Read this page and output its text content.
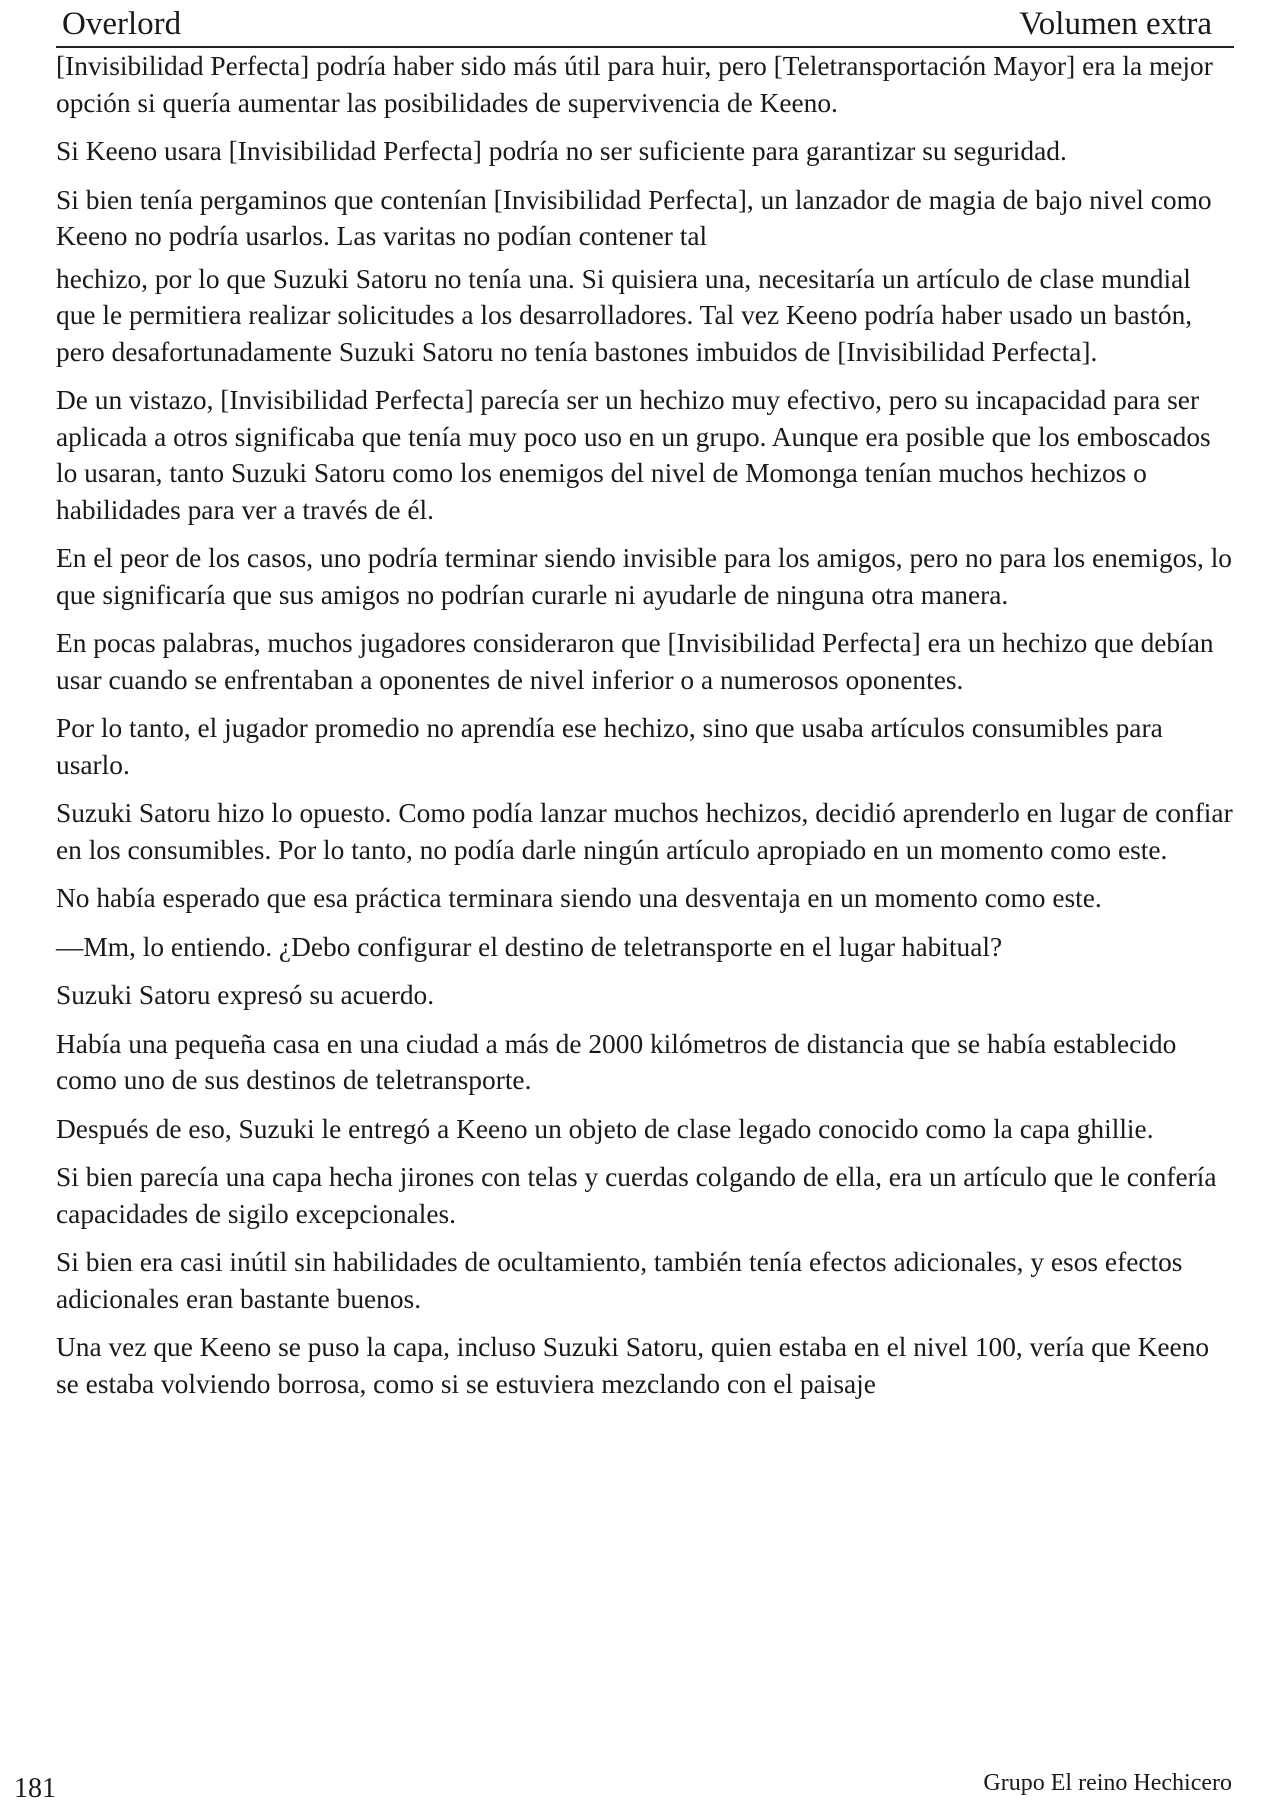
Overlord	Volumen extra

[Invisibilidad Perfecta] podría haber sido más útil para huir, pero [Teletransportación Mayor] era la mejor opción si quería aumentar las posibilidades de supervivencia de Keeno.

Si Keeno usara [Invisibilidad Perfecta] podría no ser suficiente para garantizar su seguridad.

Si bien tenía pergaminos que contenían [Invisibilidad Perfecta], un lanzador de magia de bajo nivel como Keeno no podría usarlos. Las varitas no podían contener tal

hechizo, por lo que Suzuki Satoru no tenía una. Si quisiera una, necesitaría un artículo de clase mundial que le permitiera realizar solicitudes a los desarrolladores. Tal vez Keeno podría haber usado un bastón, pero desafortunadamente Suzuki Satoru no tenía bastones imbuidos de [Invisibilidad Perfecta].

De un vistazo, [Invisibilidad Perfecta] parecía ser un hechizo muy efectivo, pero su incapacidad para ser aplicada a otros significaba que tenía muy poco uso en un grupo. Aunque era posible que los emboscados lo usaran, tanto Suzuki Satoru como los enemigos del nivel de Momonga tenían muchos hechizos o habilidades para ver a través de él.

En el peor de los casos, uno podría terminar siendo invisible para los amigos, pero no para los enemigos, lo que significaría que sus amigos no podrían curarle ni ayudarle de ninguna otra manera.

En pocas palabras, muchos jugadores consideraron que [Invisibilidad Perfecta] era un hechizo que debían usar cuando se enfrentaban a oponentes de nivel inferior o a numerosos oponentes.

Por lo tanto, el jugador promedio no aprendía ese hechizo, sino que usaba artículos consumibles para usarlo.

Suzuki Satoru hizo lo opuesto. Como podía lanzar muchos hechizos, decidió aprenderlo en lugar de confiar en los consumibles. Por lo tanto, no podía darle ningún artículo apropiado en un momento como este.

No había esperado que esa práctica terminara siendo una desventaja en un momento como este.

—Mm, lo entiendo. ¿Debo configurar el destino de teletransporte en el lugar habitual?

Suzuki Satoru expresó su acuerdo.

Había una pequeña casa en una ciudad a más de 2000 kilómetros de distancia que se había establecido como uno de sus destinos de teletransporte.

Después de eso, Suzuki le entregó a Keeno un objeto de clase legado conocido como la capa ghillie.

Si bien parecía una capa hecha jirones con telas y cuerdas colgando de ella, era un artículo que le confería capacidades de sigilo excepcionales.

Si bien era casi inútil sin habilidades de ocultamiento, también tenía efectos adicionales, y esos efectos adicionales eran bastante buenos.

Una vez que Keeno se puso la capa, incluso Suzuki Satoru, quien estaba en el nivel 100, vería que Keeno se estaba volviendo borrosa, como si se estuviera mezclando con el paisaje

181	Grupo El reino Hechicero
